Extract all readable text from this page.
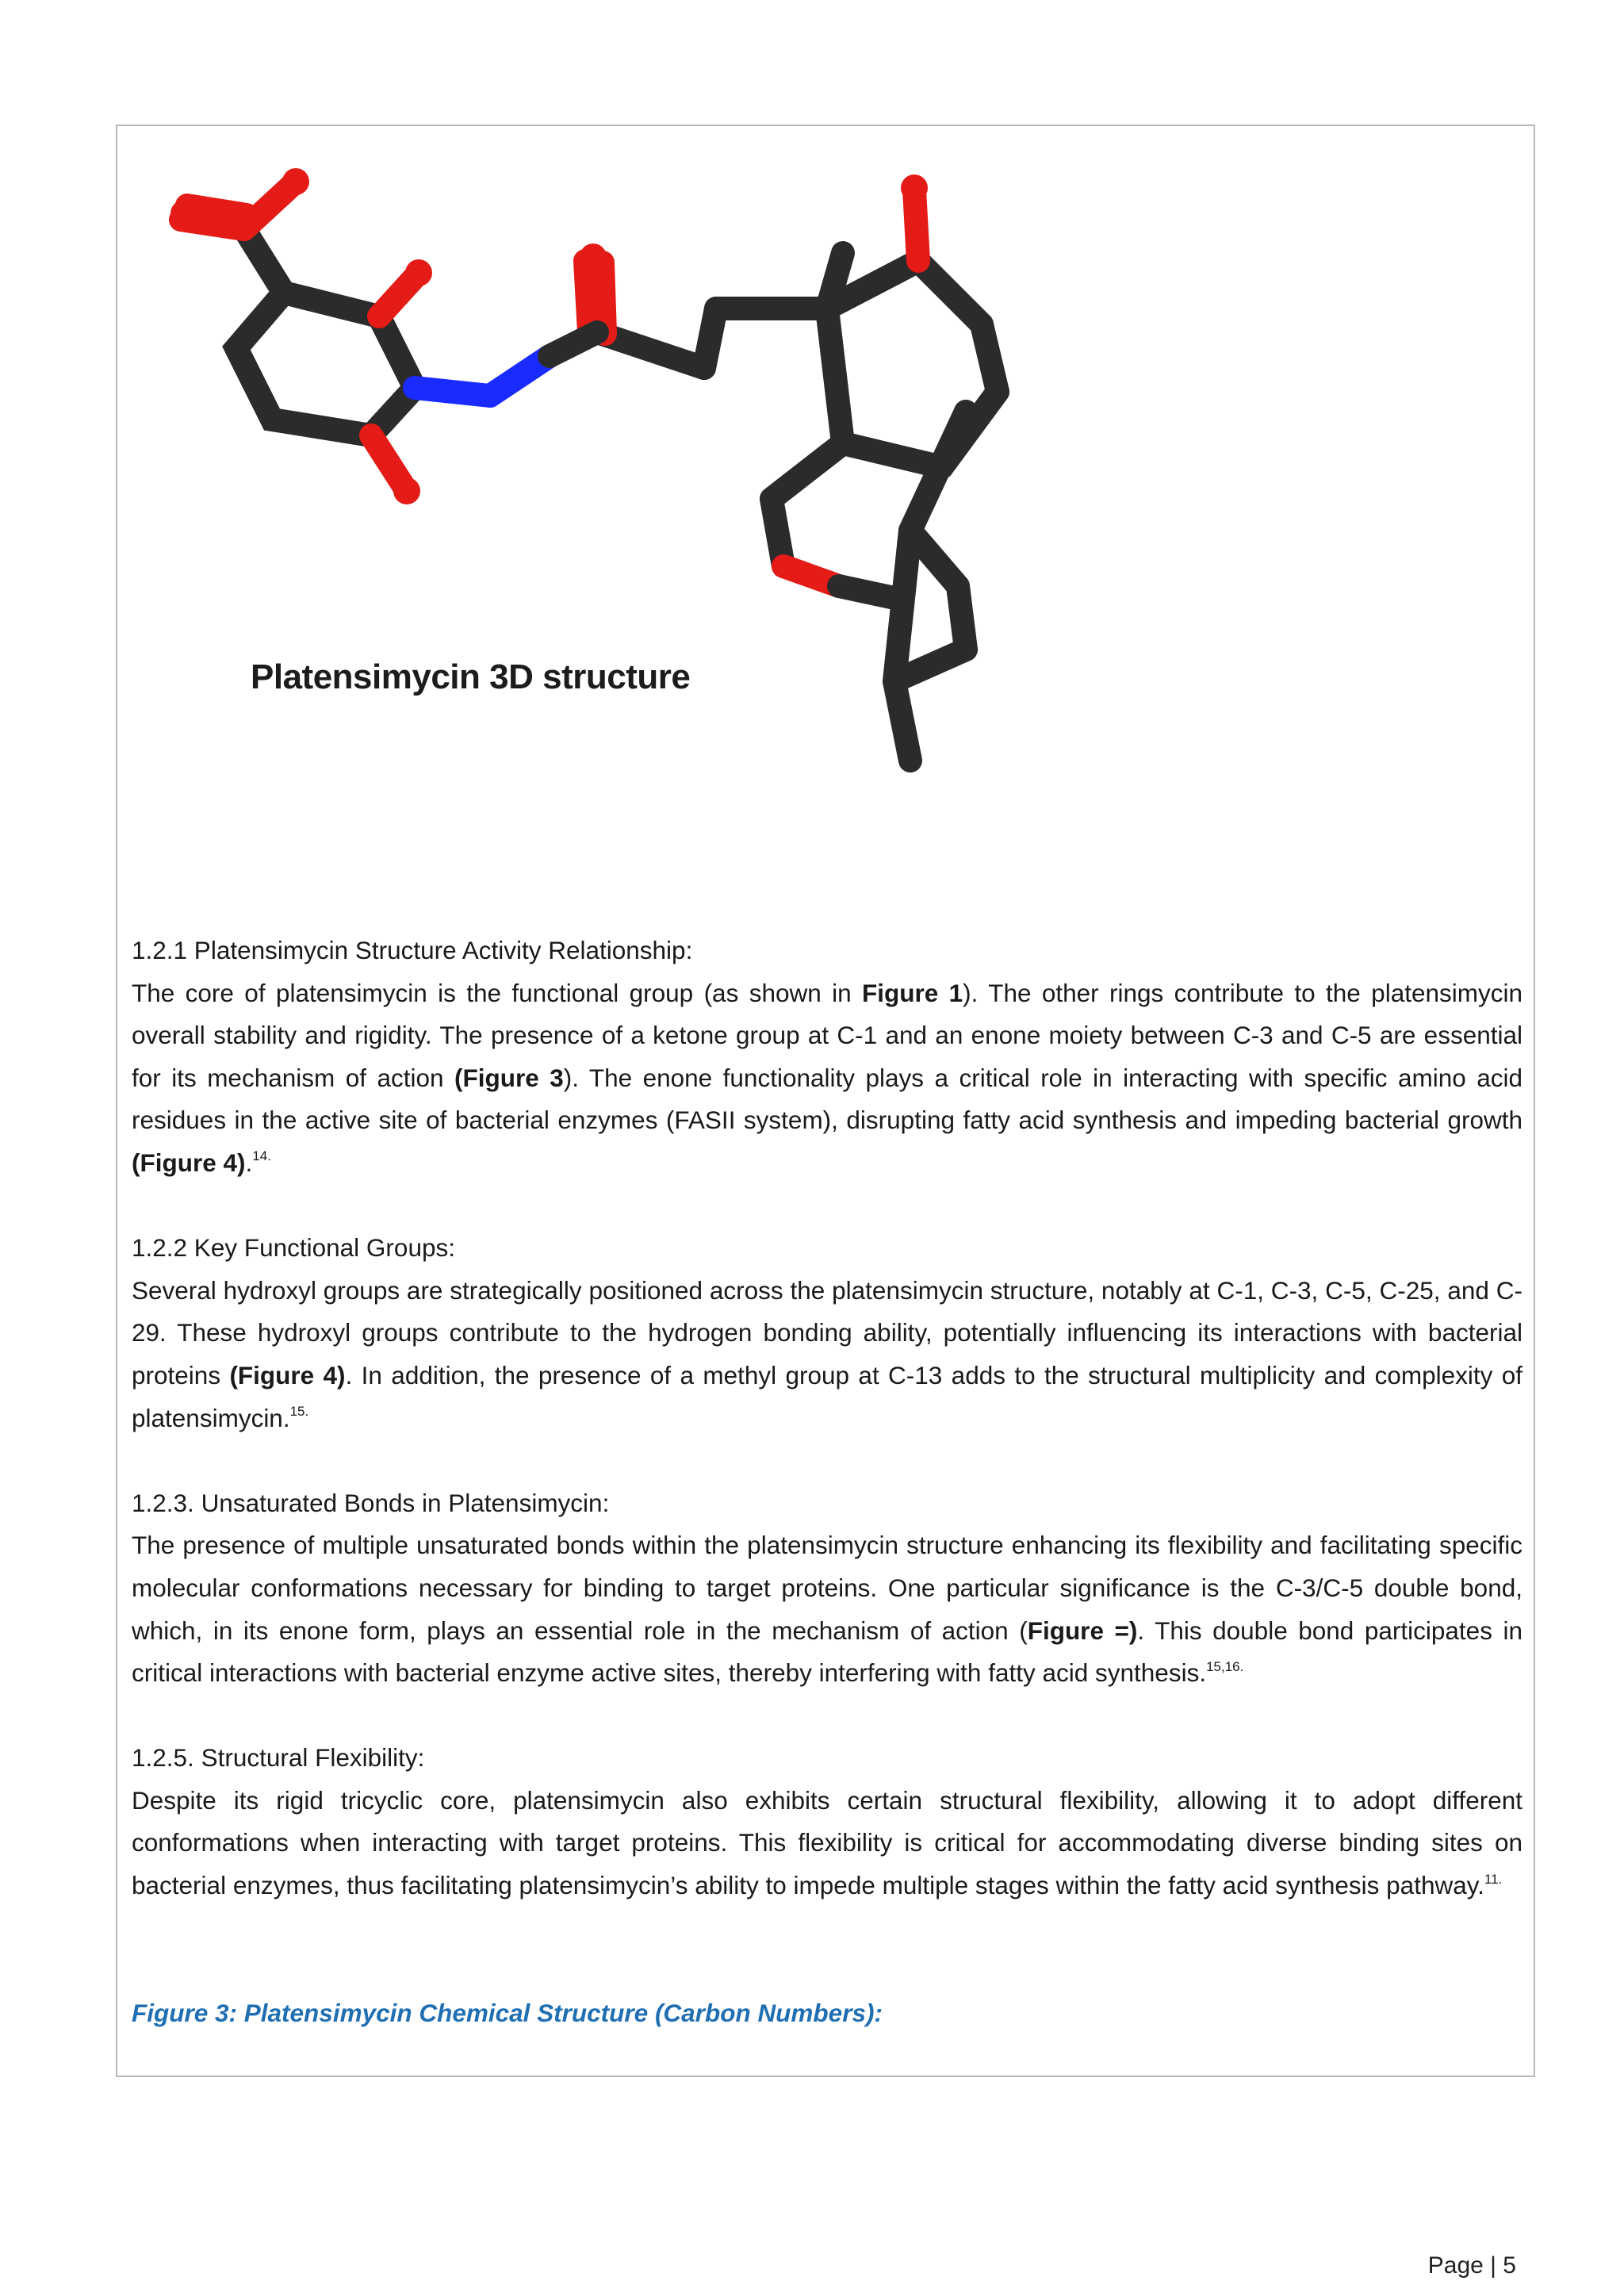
Platensimycin 3D structure

1.2.1 Platensimycin Structure Activity Relationship:

The core of platensimycin is the functional group (as shown in Figure 1). The other rings contribute to the platensimycin overall stability and rigidity. The presence of a ketone group at C-1 and an enone moiety between C-3 and C-5 are essential for its mechanism of action (Figure 3). The enone functionality plays a critical role in interacting with specific amino acid residues in the active site of bacterial enzymes (FASII system), disrupting fatty acid synthesis and impeding bacterial growth (Figure 4).$^{14.}$

1.2.2 Key Functional Groups:

Several hydroxyl groups are strategically positioned across the platensimycin structure, notably at C-1, C-3, C-5, C-25, and C-29. These hydroxyl groups contribute to the hydrogen bonding ability, potentially influencing its interactions with bacterial proteins (Figure 4). In addition, the presence of a methyl group at C-13 adds to the structural multiplicity and complexity of platensimycin.$^{15.}$

1.2.3. Unsaturated Bonds in Platensimycin:

The presence of multiple unsaturated bonds within the platensimycin structure enhancing its flexibility and facilitating specific molecular conformations necessary for binding to target proteins. One particular significance is the C-3/C-5 double bond, which, in its enone form, plays an essential role in the mechanism of action (Figure =). This double bond participates in critical interactions with bacterial enzyme active sites, thereby interfering with fatty acid synthesis.$^{15,16.}$

1.2.5. Structural Flexibility:

Despite its rigid tricyclic core, platensimycin also exhibits certain structural flexibility, allowing it to adopt different conformations when interacting with target proteins. This flexibility is critical for accommodating diverse binding sites on bacterial enzymes, thus facilitating platensimycin’s ability to impede multiple stages within the fatty acid synthesis pathway.$^{11.}$

Figure 3: Platensimycin Chemical Structure (Carbon Numbers):

Page | 5
